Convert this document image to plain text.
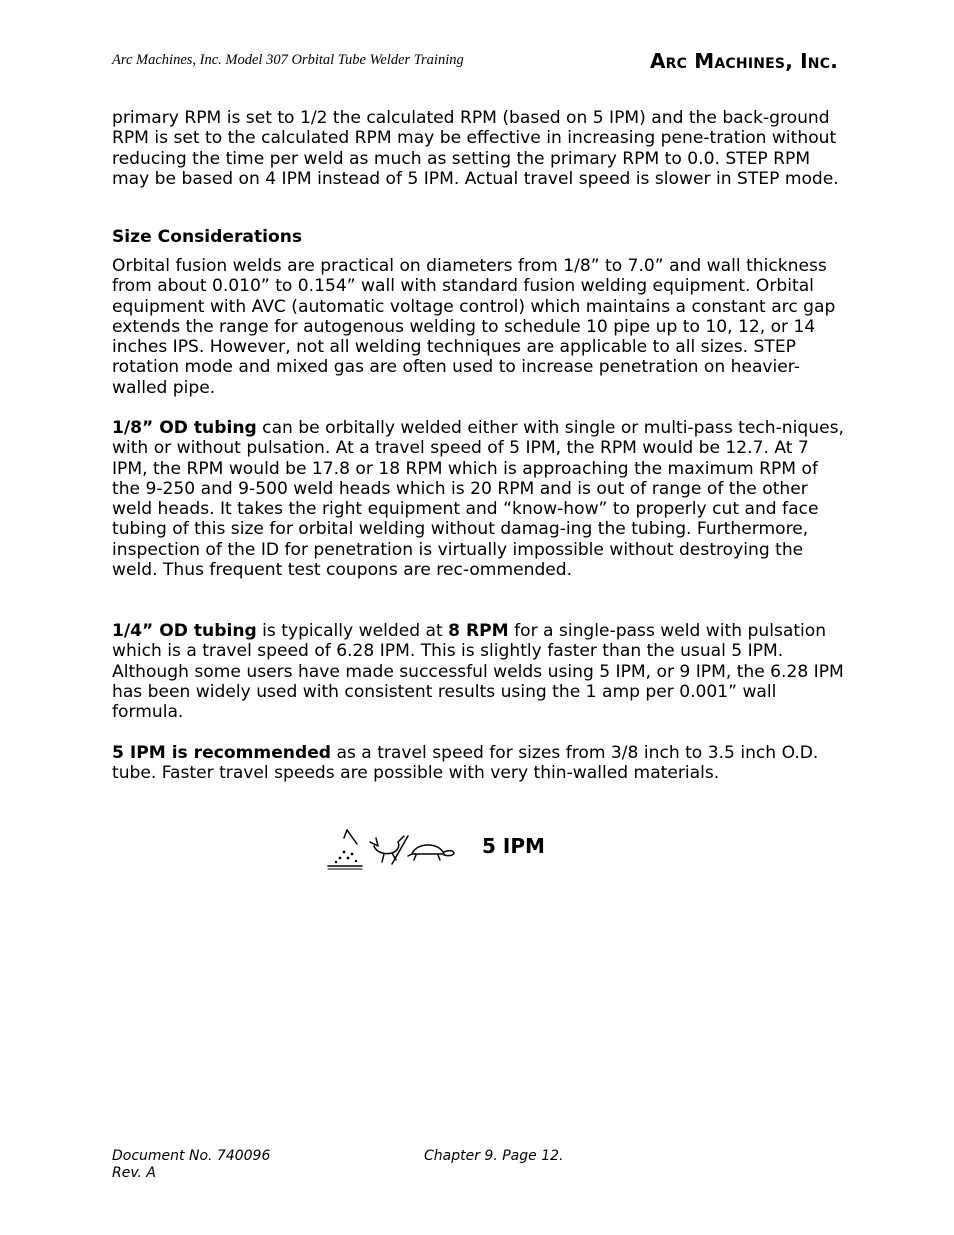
Arc Machines, Inc. Model 307 Orbital Tube Welder Training	Arc Machines, Inc.

primary RPM is set to 1/2 the calculated RPM (based on 5 IPM) and the back-ground RPM is set to the calculated RPM may be effective in increasing pene-tration without reducing the time per weld as much as setting the primary RPM to 0.0. STEP RPM may be based on 4 IPM instead of 5 IPM. Actual travel speed is slower in STEP mode.

Size Considerations

Orbital fusion welds are practical on diameters from 1/8” to 7.0” and wall thickness from about 0.010” to 0.154” wall with standard fusion welding equipment. Orbital equipment with AVC (automatic voltage control) which maintains a constant arc gap extends the range for autogenous welding to schedule 10 pipe up to 10, 12, or 14 inches IPS. However, not all welding techniques are applicable to all sizes. STEP rotation mode and mixed gas are often used to increase penetration on heavier-walled pipe.

1/8” OD tubing can be orbitally welded either with single or multi-pass tech-niques, with or without pulsation. At a travel speed of 5 IPM, the RPM would be 12.7. At 7 IPM, the RPM would be 17.8 or 18 RPM which is approaching the maximum RPM of the 9-250 and 9-500 weld heads which is 20 RPM and is out of range of the other weld heads. It takes the right equipment and “know-how” to properly cut and face tubing of this size for orbital welding without damag-ing the tubing. Furthermore, inspection of the ID for penetration is virtually impossible without destroying the weld. Thus frequent test coupons are rec-ommended.

1/4” OD tubing is typically welded at 8 RPM for a single-pass weld with pulsation which is a travel speed of 6.28 IPM. This is slightly faster than the usual 5 IPM. Although some users have made successful welds using 5 IPM, or 9 IPM, the 6.28 IPM has been widely used with consistent results using the 1 amp per 0.001” wall formula.

5 IPM is recommended as a travel speed for sizes from 3/8 inch to 3.5 inch O.D. tube. Faster travel speeds are possible with very thin-walled materials.

5 IPM
Document No. 740096
Rev. A
Chapter 9. Page 12.
